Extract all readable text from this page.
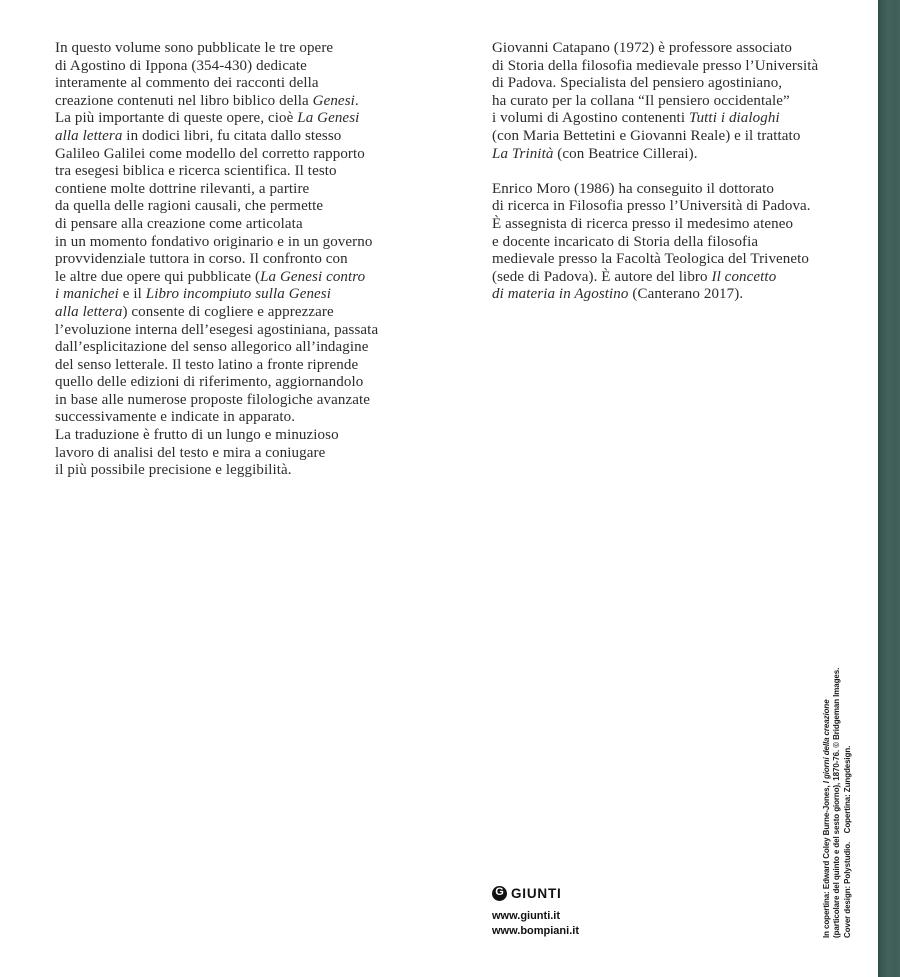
In questo volume sono pubblicate le tre opere
di Agostino di Ippona (354-430) dedicate
interamente al commento dei racconti della
creazione contenuti nel libro biblico della Genesi.
La più importante di queste opere, cioè La Genesi
alla lettera in dodici libri, fu citata dallo stesso
Galileo Galilei come modello del corretto rapporto
tra esegesi biblica e ricerca scientifica. Il testo
contiene molte dottrine rilevanti, a partire
da quella delle ragioni causali, che permette
di pensare alla creazione come articolata
in un momento fondativo originario e in un governo
provvidenziale tuttora in corso. Il confronto con
le altre due opere qui pubblicate (La Genesi contro
i manichei e il Libro incompiuto sulla Genesi
alla lettera) consente di cogliere e apprezzare
l’evoluzione interna dell’esegesi agostiniana, passata
dall’esplicitazione del senso allegorico all’indagine
del senso letterale. Il testo latino a fronte riprende
quello delle edizioni di riferimento, aggiornandolo
in base alle numerose proposte filologiche avanzate
successivamente e indicate in apparato.
La traduzione è frutto di un lungo e minuzioso
lavoro di analisi del testo e mira a coniugare
il più possibile precisione e leggibilità.
Giovanni Catapano (1972) è professore associato
di Storia della filosofia medievale presso l’Università
di Padova. Specialista del pensiero agostiniano,
ha curato per la collana “Il pensiero occidentale”
i volumi di Agostino contenenti Tutti i dialoghi
(con Maria Bettetini e Giovanni Reale) e il trattato
La Trinità (con Beatrice Cillerai).
Enrico Moro (1986) ha conseguito il dottorato
di ricerca in Filosofia presso l’Università di Padova.
È assegnista di ricerca presso il medesimo ateneo
e docente incaricato di Storia della filosofia
medievale presso la Facoltà Teologica del Triveneto
(sede di Padova). È autore del libro Il concetto
di materia in Agostino (Canterano 2017).
In copertina: Edward Coley Burne-Jones, I giorni della creazione (particolare del quinto e del sesto giorno), 1870-76. © Bridgeman Images. Cover design: Polystudio.    Copertina: Zungdesign.
G GIUNTI
www.giunti.it
www.bompiani.it
